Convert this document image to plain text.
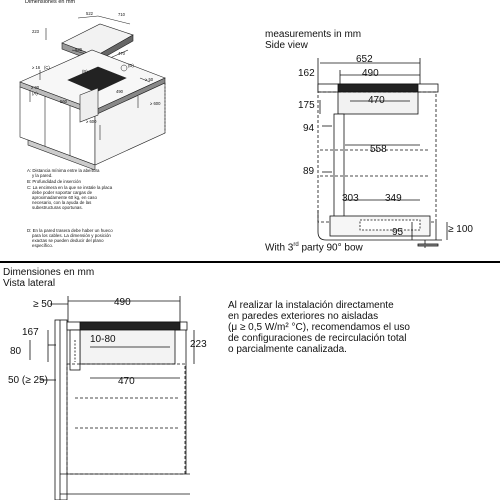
Dimensiones en mm
522	710
223
539
470
≥ 16 (C)	(D)
≥ 50
≥ 90
(A)
560
(B)
490
≥ 600
≥ 600
A: Distancia mínima entre la abertura
y la pared.
B: Profundidad de inserción
C: La encimera en la que se instale la placa
debe poder soportar cargas de
aproximadamente 60 kg, en caso
necesario, con la ayuda de las
subestructuras oportunas.
D: En la pared trasera debe haber un hueco
para los cables. La dimensión y posición
exactas se pueden deducir del plano
específico.
measurements in mm
Side view
652
162	490
175	470
94
558
89
303	349
95	≥ 100
With 3rd party 90° bow
Dimensiones en mm
Vista lateral
≥ 50	490
167
10-80
80
223
470
50 (≥ 25)
Al realizar la instalación directamente
en paredes exteriores no aisladas
(μ ≥ 0,5 W/m² °C), recomendamos el uso
de configuraciones de recirculación total
o parcialmente canalizada.
